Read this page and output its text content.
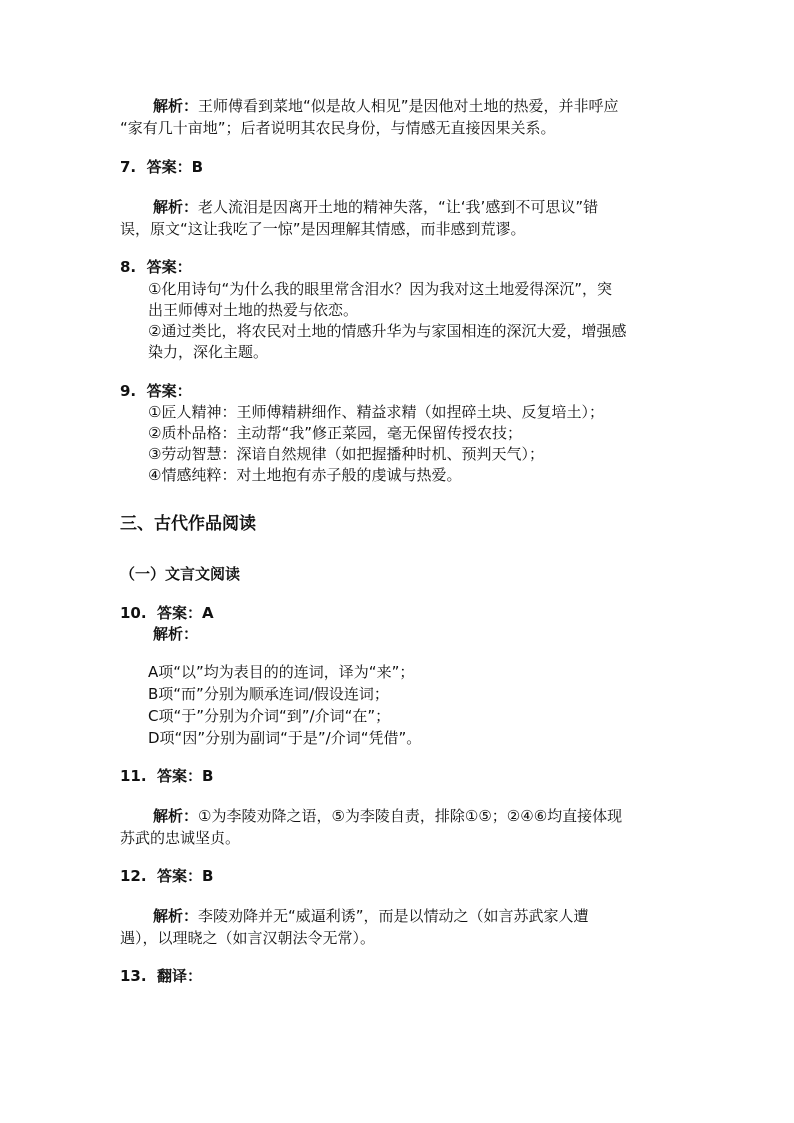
解析：王师傅看到菜地“似是故人相见”是因他对土地的热爱，并非呼应
“家有几十亩地”；后者说明其农民身份，与情感无直接因果关系。
7. 答案：B
解析：老人流泪是因离开土地的精神失落，“让‘我’感到不可思议”错
误，原文“这让我吃了一惊”是因理解其情感，而非感到荒谬。
8. 答案：
①化用诗句“为什么我的眼里常含泪水？因为我对这土地爱得深沉”，突
出王师傅对土地的热爱与依恋。
②通过类比，将农民对土地的情感升华为与家国相连的深沉大爱，增强感
染力，深化主题。
9. 答案：
①匠人精神：王师傅精耕细作、精益求精（如捏碎土块、反复培土）；
②质朴品格：主动帮“我”修正菜园，毫无保留传授农技；
③劳动智慧：深谙自然规律（如把握播种时机、预判天气）；
④情感纯粹：对土地抱有赤子般的虔诚与热爱。
三、古代作品阅读
（一）文言文阅读
10. 答案：A
解析：
A项“以”均为表目的的连词，译为“来”；
B项“而”分别为顺承连词/假设连词；
C项“于”分别为介词“到”/介词“在”；
D项“因”分别为副词“于是”/介词“凭借”。
11. 答案：B
解析：①为李陵劝降之语，⑤为李陵自责，排除①⑤；②④⑥均直接体现
苏武的忠诚坚贞。
12. 答案：B
解析：李陵劝降并无“威逼利诱”，而是以情动之（如言苏武家人遭
遇），以理晓之（如言汉朝法令无常）。
13. 翻译：
